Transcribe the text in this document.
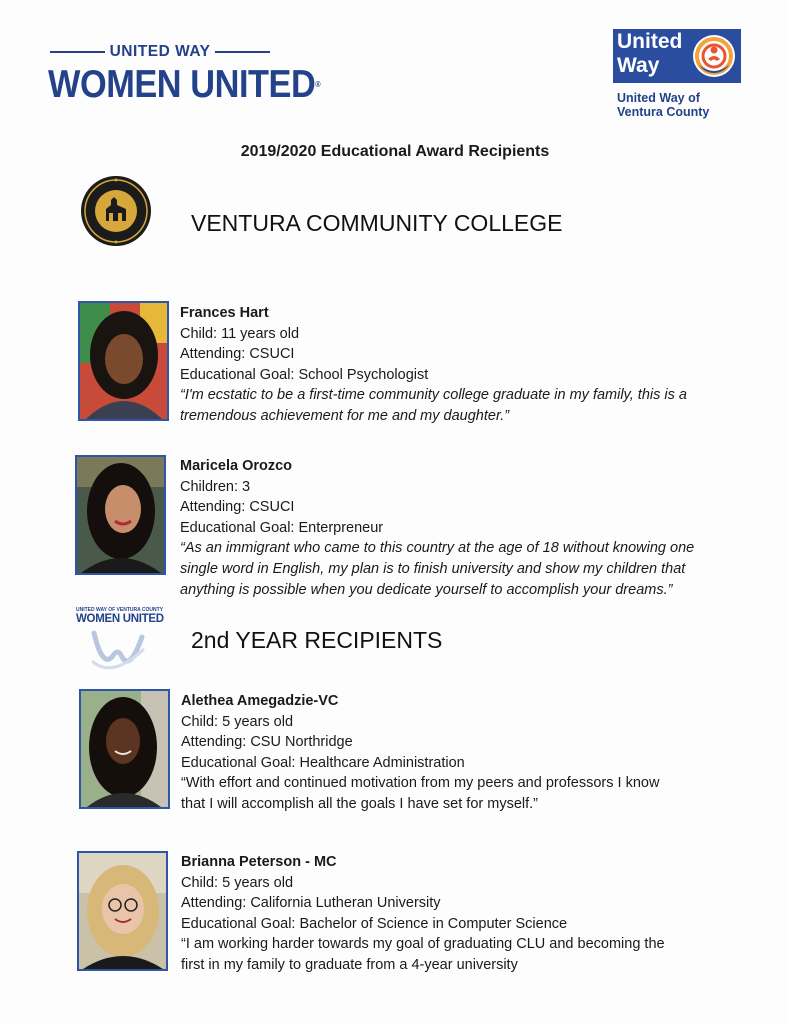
UNITED WAY
WOMEN UNITED®
United
Way
United Way of
Ventura County
2019/2020 Educational Award Recipients
VENTURA COMMUNITY COLLEGE
Frances Hart
Child: 11 years old
Attending: CSUCI
Educational Goal: School Psychologist
“I'm ecstatic to be a first-time community college graduate in my family, this is a
tremendous achievement for me and my daughter.”
Maricela Orozco
Children: 3
Attending: CSUCI
Educational Goal: Enterpreneur
“As an immigrant who came to this country at the age of 18 without knowing one
single word in English, my plan is to finish university and show my children that
anything is possible when you dedicate yourself to accomplish your dreams.”
UNITED WAY OF VENTURA COUNTY
WOMEN UNITED
2nd YEAR RECIPIENTS
Alethea Amegadzie-VC
Child: 5 years old
Attending: CSU Northridge
Educational Goal: Healthcare Administration
“With effort and continued motivation from my peers and professors I know
that I will accomplish all the goals I have set for myself.”
Brianna Peterson - MC
Child: 5 years old
Attending: California Lutheran University
Educational Goal: Bachelor of Science in Computer Science
“I am working harder towards my goal of graduating CLU and becoming the
first in my family to graduate from a 4-year university
